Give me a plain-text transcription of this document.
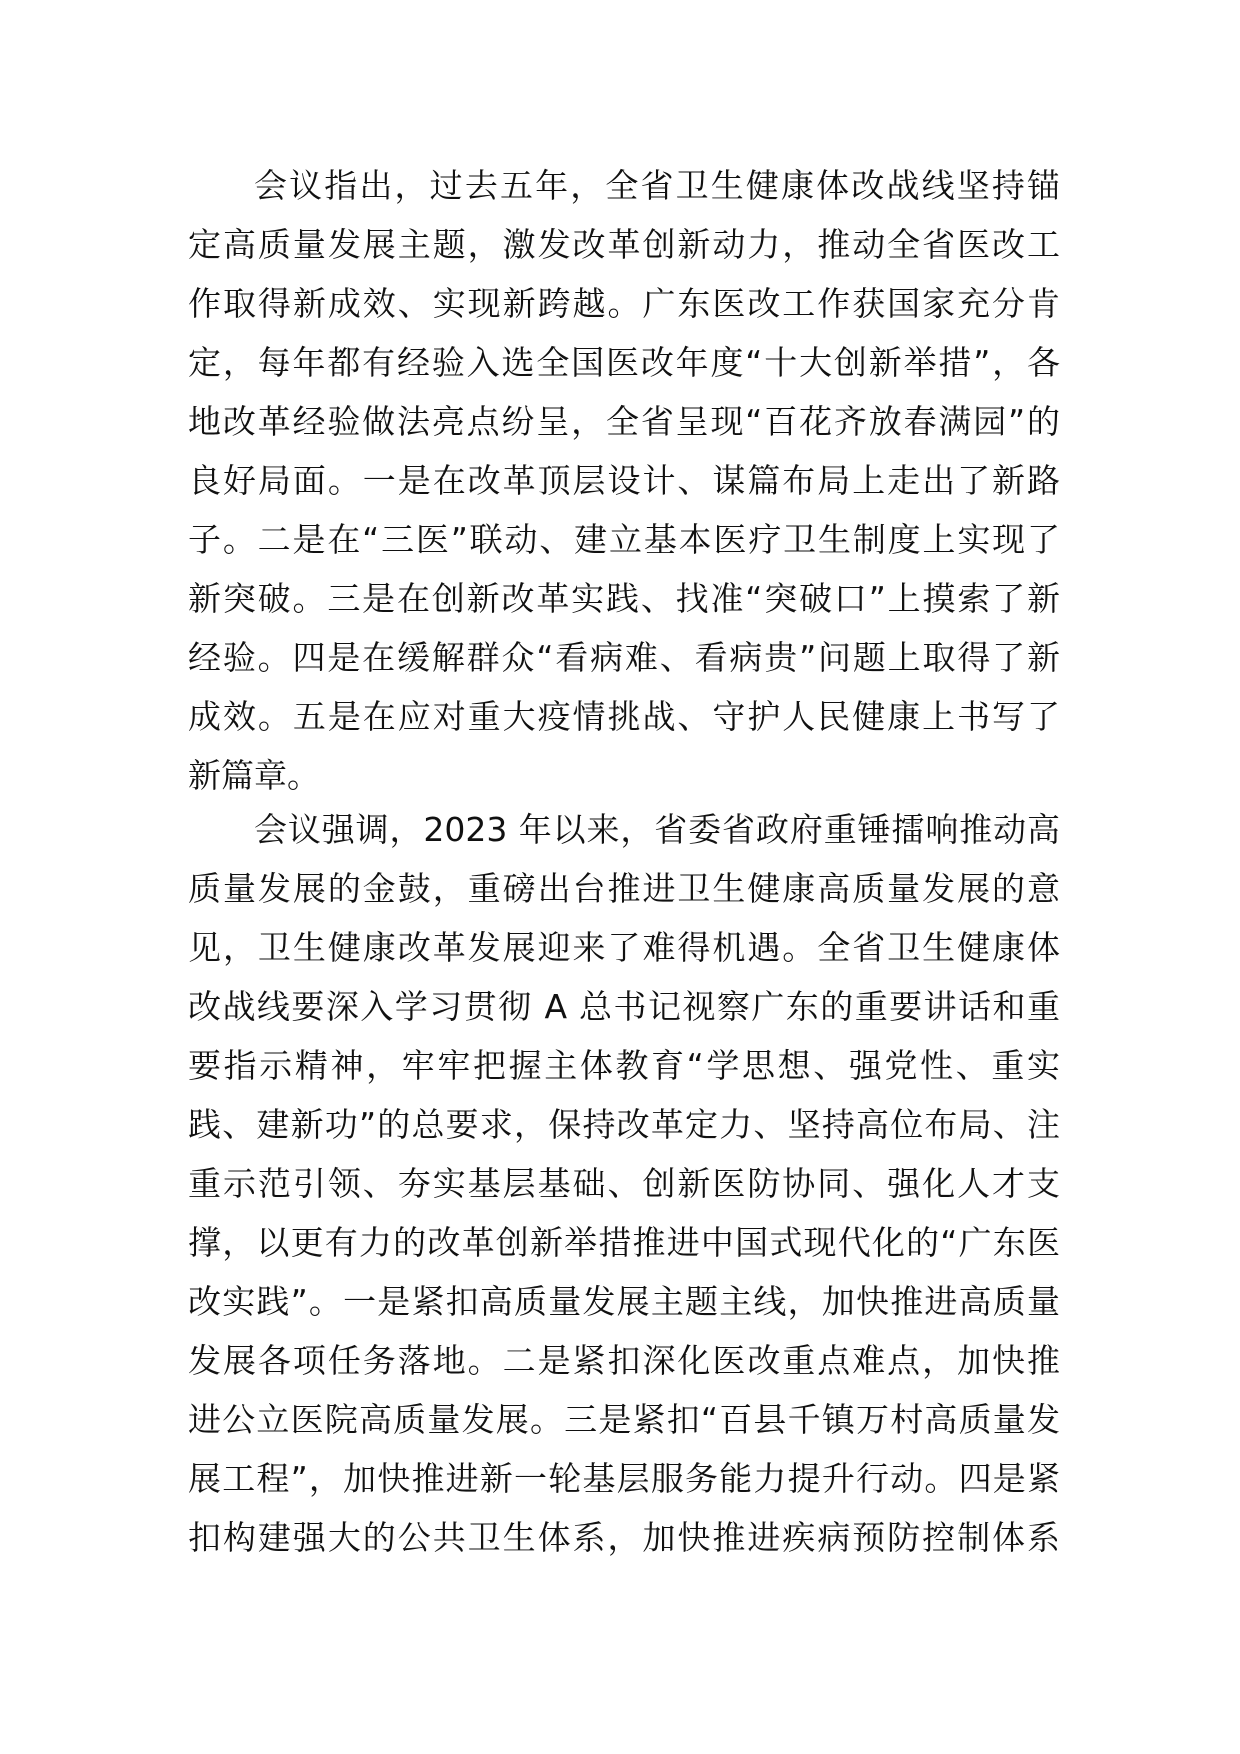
会议指出，过去五年，全省卫生健康体改战线坚持锚
定高质量发展主题，激发改革创新动力，推动全省医改工
作取得新成效、实现新跨越。广东医改工作获国家充分肯
定，每年都有经验入选全国医改年度“十大创新举措”，各
地改革经验做法亮点纷呈，全省呈现“百花齐放春满园”的
良好局面。一是在改革顶层设计、谋篇布局上走出了新路
子。二是在“三医”联动、建立基本医疗卫生制度上实现了
新突破。三是在创新改革实践、找准“突破口”上摸索了新
经验。四是在缓解群众“看病难、看病贵”问题上取得了新
成效。五是在应对重大疫情挑战、守护人民健康上书写了
新篇章。
会议强调，2023 年以来，省委省政府重锤擂响推动高
质量发展的金鼓，重磅出台推进卫生健康高质量发展的意
见，卫生健康改革发展迎来了难得机遇。全省卫生健康体
改战线要深入学习贯彻 A 总书记视察广东的重要讲话和重
要指示精神，牢牢把握主体教育“学思想、强党性、重实
践、建新功”的总要求，保持改革定力、坚持高位布局、注
重示范引领、夯实基层基础、创新医防协同、强化人才支
撑，以更有力的改革创新举措推进中国式现代化的“广东医
改实践”。一是紧扣高质量发展主题主线，加快推进高质量
发展各项任务落地。二是紧扣深化医改重点难点，加快推
进公立医院高质量发展。三是紧扣“百县千镇万村高质量发
展工程”，加快推进新一轮基层服务能力提升行动。四是紧
扣构建强大的公共卫生体系，加快推进疾病预防控制体系
